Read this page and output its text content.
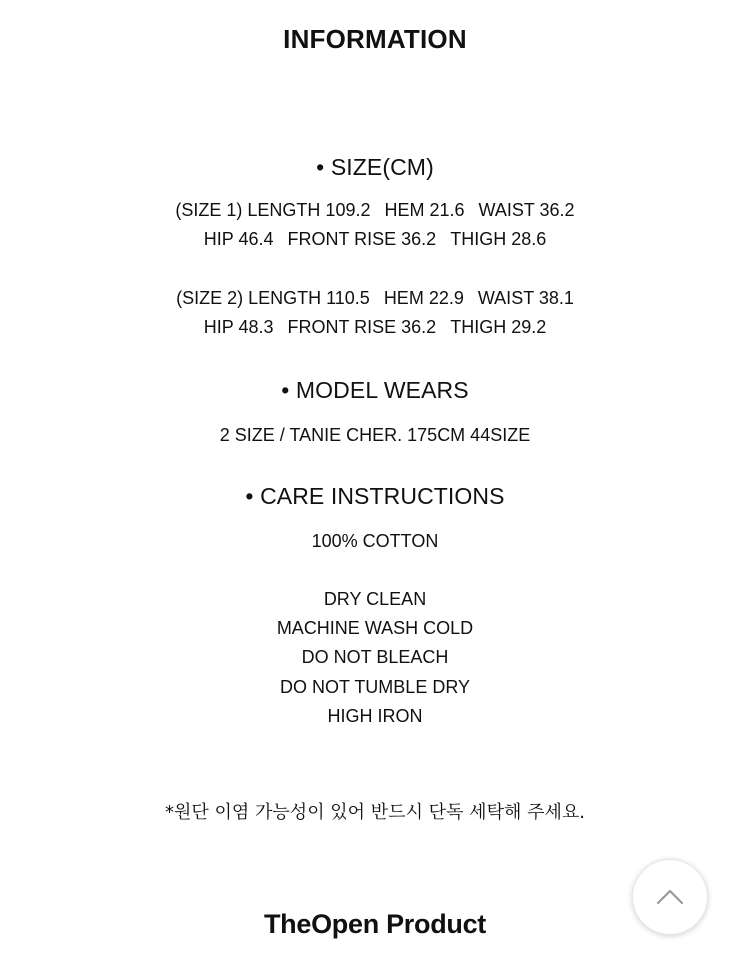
INFORMATION
• SIZE(CM)
(SIZE 1) LENGTH 109.2 HEM 21.6 WAIST 36.2
HIP 46.4 FRONT RISE 36.2 THIGH 28.6
(SIZE 2) LENGTH 110.5 HEM 22.9 WAIST 38.1
HIP 48.3 FRONT RISE 36.2 THIGH 29.2
• MODEL WEARS
2 SIZE / TANIE CHER. 175CM 44SIZE
• CARE INSTRUCTIONS
100% COTTON
DRY CLEAN
MACHINE WASH COLD
DO NOT BLEACH
DO NOT TUMBLE DRY
HIGH IRON
*원단 이염 가능성이 있어 반드시 단독 세탁해 주세요.
TheOpen Product
